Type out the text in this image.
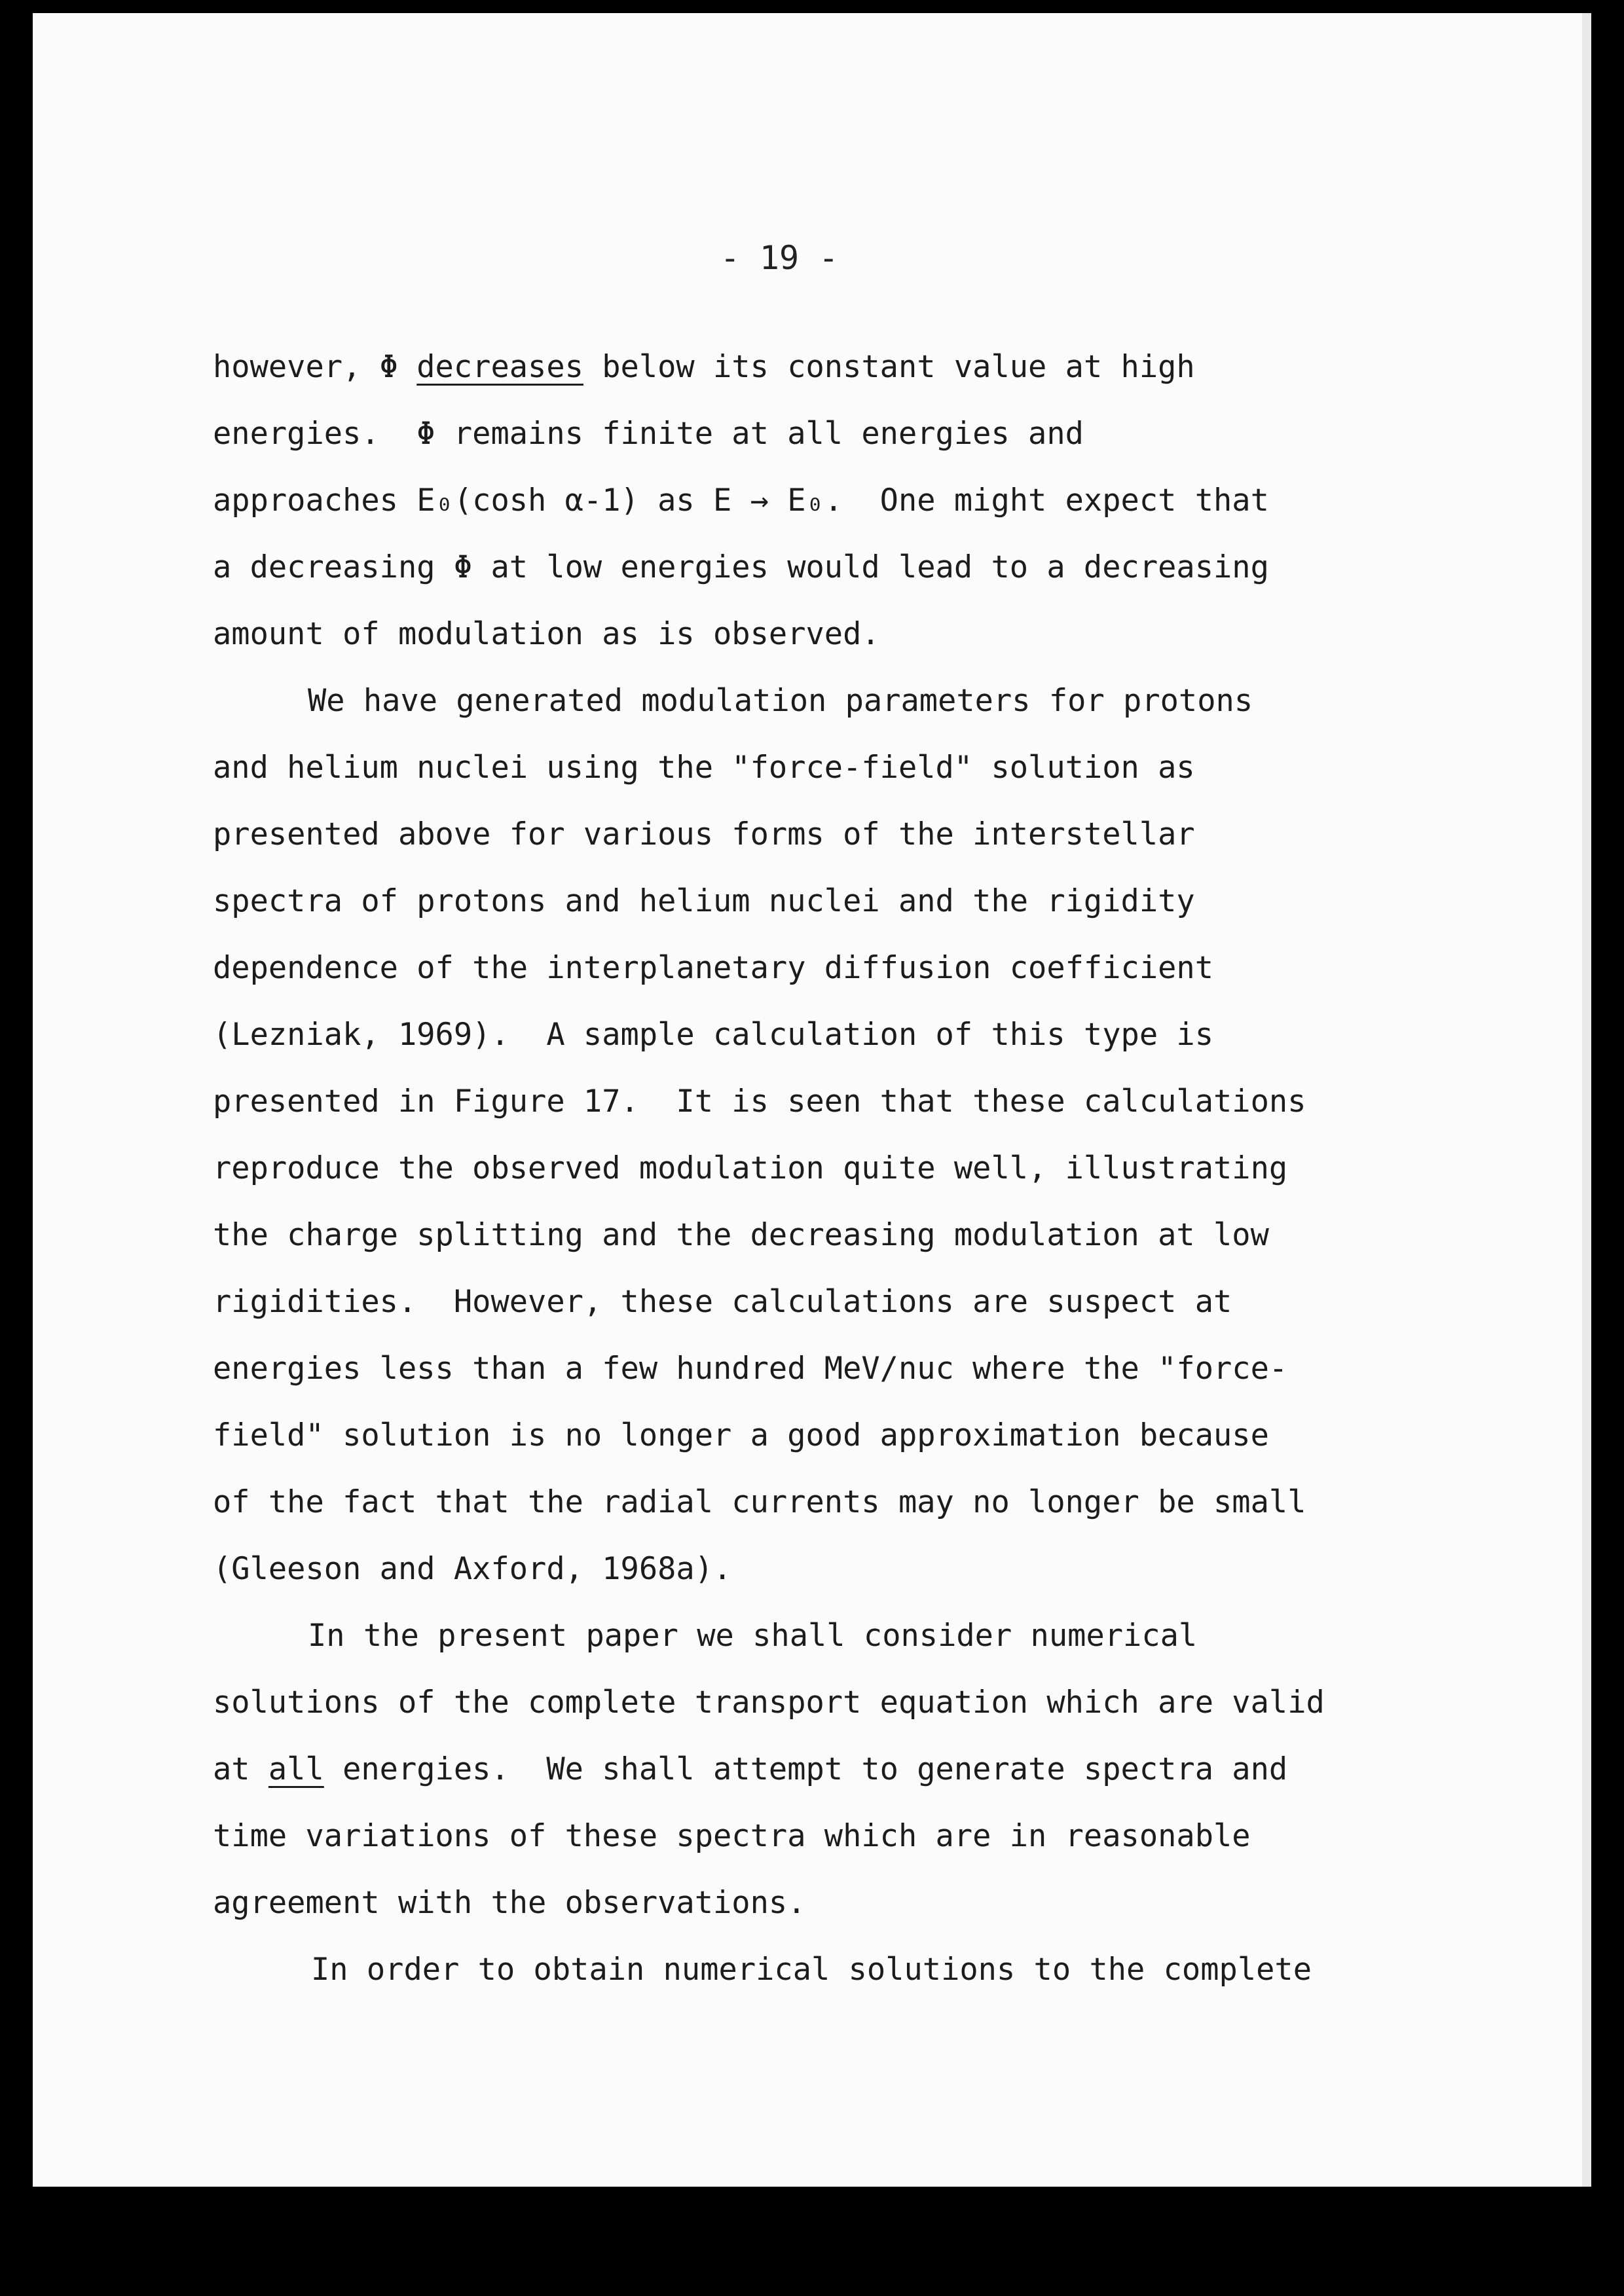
- 19 -
however, Φ decreases below its constant value at high
energies.  Φ remains finite at all energies and
approaches E₀(cosh α-1) as E → E₀.  One might expect that
a decreasing Φ at low energies would lead to a decreasing
amount of modulation as is observed.
We have generated modulation parameters for protons
and helium nuclei using the "force-field" solution as
presented above for various forms of the interstellar
spectra of protons and helium nuclei and the rigidity
dependence of the interplanetary diffusion coefficient
(Lezniak, 1969).  A sample calculation of this type is
presented in Figure 17.  It is seen that these calculations
reproduce the observed modulation quite well, illustrating
the charge splitting and the decreasing modulation at low
rigidities.  However, these calculations are suspect at
energies less than a few hundred MeV/nuc where the "force-
field" solution is no longer a good approximation because
of the fact that the radial currents may no longer be small
(Gleeson and Axford, 1968a).
In the present paper we shall consider numerical
solutions of the complete transport equation which are valid
at all energies.  We shall attempt to generate spectra and
time variations of these spectra which are in reasonable
agreement with the observations.
In order to obtain numerical solutions to the complete
